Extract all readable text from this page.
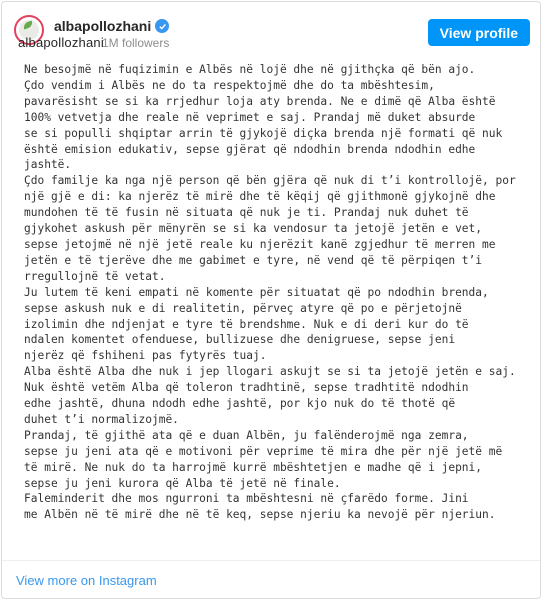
albapollozhani
albapollozhani
1M followers
View profile
Ne besojmë në fuqizimin e Albës në lojë dhe në gjithçka që bën ajo.
Çdo vendim i Albës ne do ta respektojmë dhe do ta mbështesim,
pavarësisht se si ka rrjedhur loja aty brenda. Ne e dimë që Alba është
100% vetvetja dhe reale në veprimet e saj. Prandaj më duket absurde
se si populli shqiptar arrin të gjykojë diçka brenda një formati që nuk
është emision edukativ, sepse gjërat që ndodhin brenda ndodhin edhe
jashtë.
Çdo familje ka nga një person që bën gjëra që nuk di t’i kontrollojë, por
një gjë e di: ka njerëz të mirë dhe të këqij që gjithmonë gjykojnë dhe
mundohen të të fusin në situata që nuk je ti. Prandaj nuk duhet të
gjykohet askush për mënyrën se si ka vendosur ta jetojë jetën e vet,
sepse jetojmë në një jetë reale ku njerëzit kanë zgjedhur të merren me
jetën e të tjerëve dhe me gabimet e tyre, në vend që të përpiqen t’i
rregullojnë të vetat.
Ju lutem të keni empati në komente për situatat që po ndodhin brenda,
sepse askush nuk e di realitetin, përveç atyre që po e përjetojnë
izolimin dhe ndjenjat e tyre të brendshme. Nuk e di deri kur do të
ndalen komentet ofenduese, bullizuese dhe denigruese, sepse jeni
njerëz që fshiheni pas fytyrës tuaj.
Alba është Alba dhe nuk i jep llogari askujt se si ta jetojë jetën e saj.
Nuk është vetëm Alba që toleron tradhtinë, sepse tradhtitë ndodhin
edhe jashtë, dhuna ndodh edhe jashtë, por kjo nuk do të thotë që
duhet t’i normalizojmë.
Prandaj, të gjithë ata që e duan Albën, ju falënderojmë nga zemra,
sepse ju jeni ata që e motivoni për veprime të mira dhe për një jetë më
të mirë. Ne nuk do ta harrojmë kurrë mbështetjen e madhe që i jepni,
sepse ju jeni kurora që Alba të jetë në finale.
Faleminderit dhe mos ngurroni ta mbështesni në çfarëdo forme. Jini
me Albën në të mirë dhe në të keq, sepse njeriu ka nevojë për njeriun.
View more on Instagram
